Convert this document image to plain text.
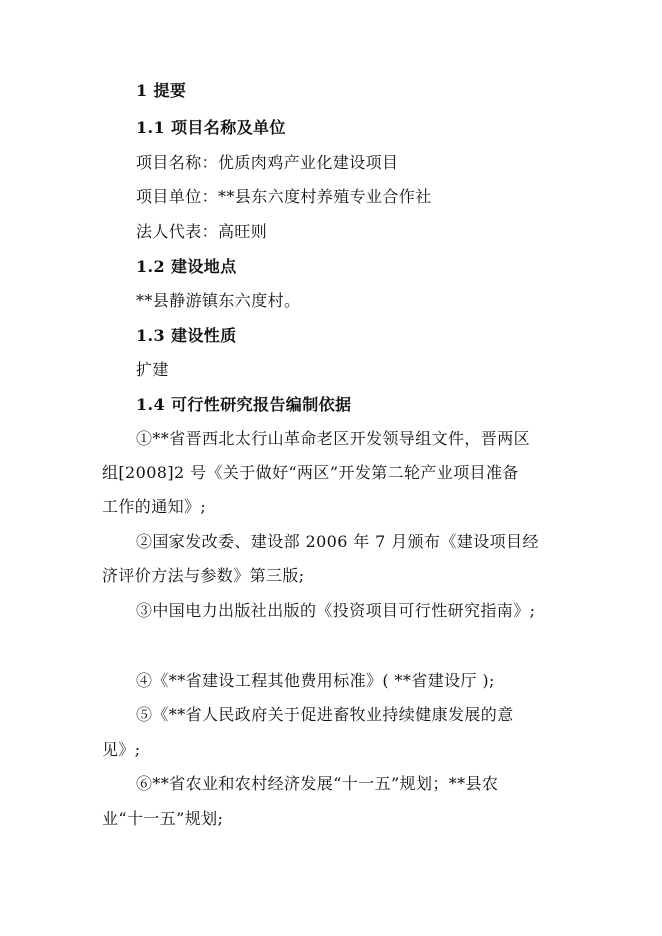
1 提要
1.1 项目名称及单位
项目名称：优质肉鸡产业化建设项目
项目单位：**县东六度村养殖专业合作社
法人代表：高旺则
1.2 建设地点
**县静游镇东六度村。
1.3 建设性质
扩建
1.4 可行性研究报告编制依据
①**省晋西北太行山革命老区开发领导组文件，晋两区
组[2008]2 号《关于做好“两区”开发第二轮产业项目准备
工作的通知》;
②国家发改委、建设部 2006 年 7 月颁布《建设项目经
济评价方法与参数》第三版;
③中国电力出版社出版的《投资项目可行性研究指南》;
④《**省建设工程其他费用标准》( **省建设厅 );
⑤《**省人民政府关于促进畜牧业持续健康发展的意
见》;
⑥**省农业和农村经济发展“十一五”规划；**县农
业“十一五”规划;
